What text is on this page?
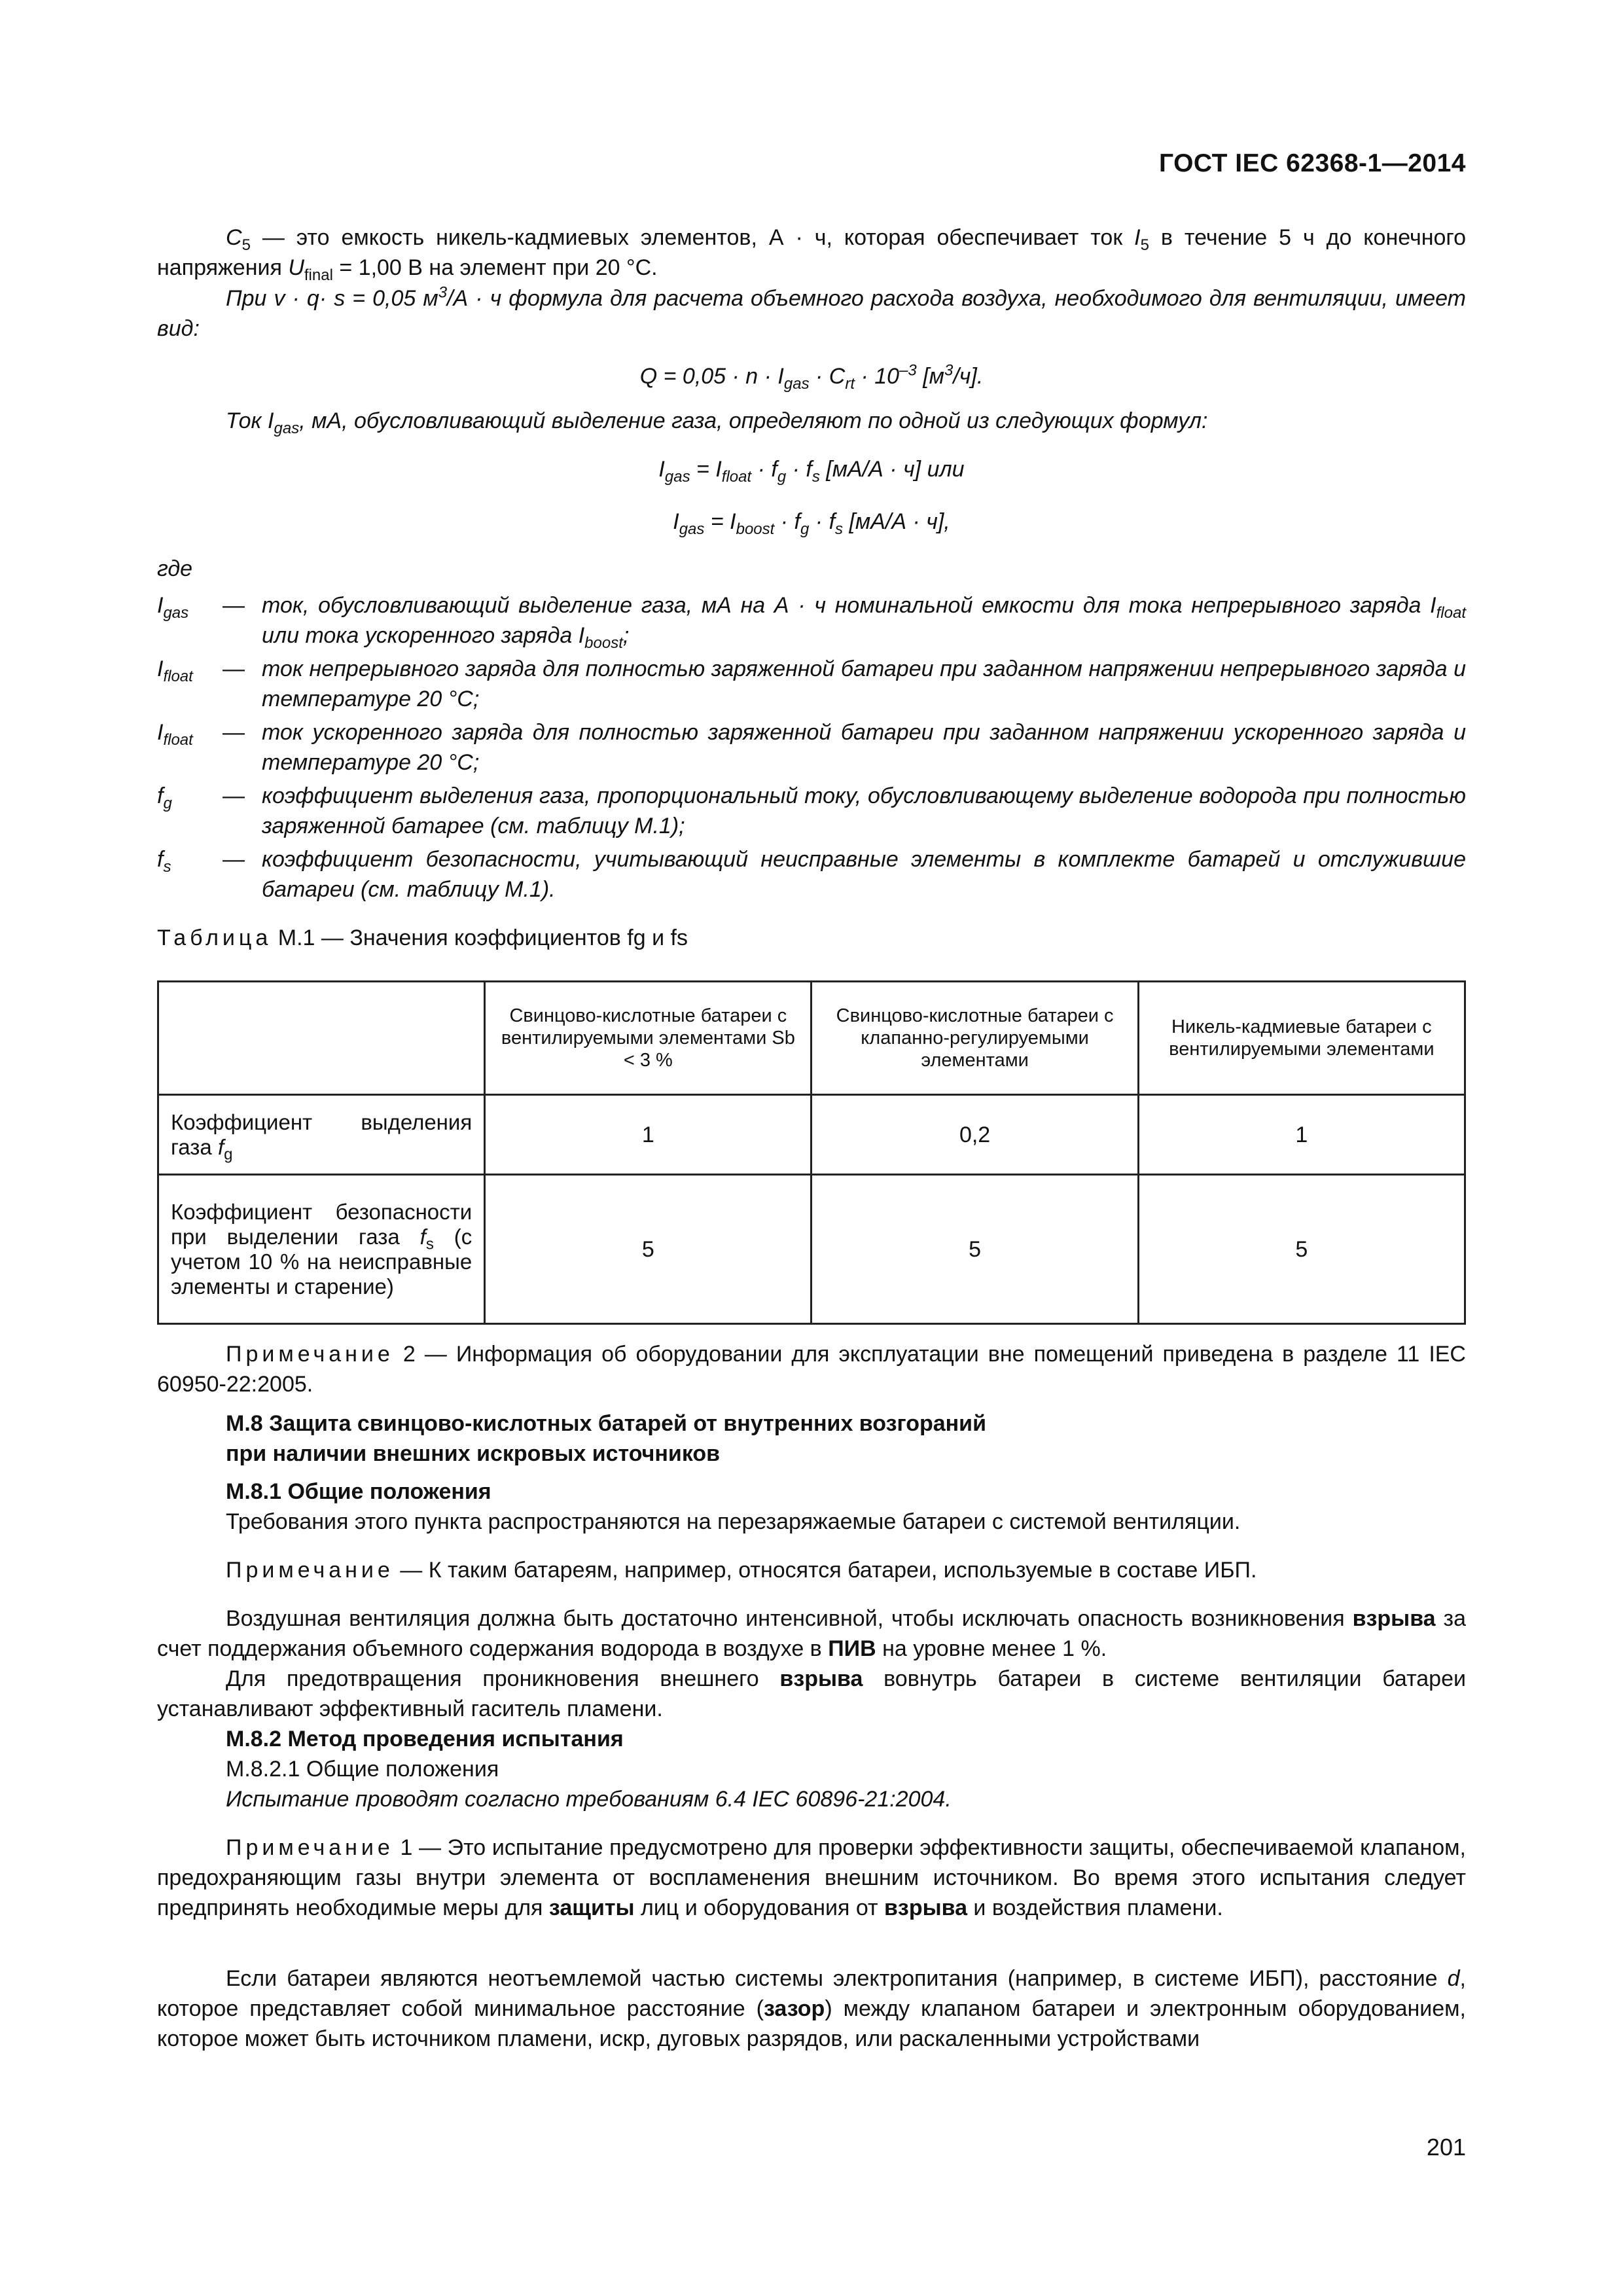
ГОСТ IEC 62368-1—2014
$C_5$ — это емкость никель-кадмиевых элементов, А · ч, которая обеспечивает ток $I_5$ в течение 5 ч до конечного напряжения $U_{final} = 1,00$ В на элемент при 20 °C.
При v · q· s = 0,05 $м^3/А \cdot ч$ формула для расчета объемного расхода воздуха, необходимого для вентиляции, имеет вид:
$Q = 0,05 \cdot n \cdot I_{gas} \cdot C_{rt} \cdot 10^{-3}$ $[м^3/ч]$.
Ток $I_{gas}$, мА, обусловливающий выделение газа, определяют по одной из следующих формул:
$I_{gas} = I_{float} \cdot f_g \cdot f_s$ [мА/А · ч] или
$I_{gas} = I_{boost} \cdot f_g \cdot f_s$ [мА/А · ч],
где
$I_{gas}$	— ток, обусловливающий выделение газа, мА на А · ч номинальной емкости для тока непрерывного заряда $I_{float}$ или тока ускоренного заряда $I_{boost}$;
$I_{float}$	— ток непрерывного заряда для полностью заряженной батареи при заданном напряжении непрерывного заряда и температуре 20 °C;
$I_{float}$	— ток ускоренного заряда для полностью заряженной батареи при заданном напряжении ускоренного заряда и температуре 20 °C;
$f_g$	— коэффициент выделения газа, пропорциональный току, обусловливающему выделение водорода при полностью заряженной батарее (см. таблицу М.1);
$f_s$	— коэффициент безопасности, учитывающий неисправные элементы в комплекте батарей и отслужившие батареи (см. таблицу М.1).
Таблица М.1 — Значения коэффициентов fg и fs
	Свинцово-кислотные батареи с вентилируемыми элементами Sb < 3 %	Свинцово-кислотные батареи с клапанно-регулируемыми элементами	Никель-кадмиевые батареи с вентилируемыми элементами
Коэффициент выделения газа $f_g$	1	0,2	1
Коэффициент безопасности при выделении газа $f_s$ (с учетом 10 % на неисправные элементы и старение)	5	5	5
Примечание 2 — Информация об оборудовании для эксплуатации вне помещений приведена в разделе 11 IEC 60950-22:2005.
М.8 Защита свинцово-кислотных батарей от внутренних возгораний
при наличии внешних искровых источников
М.8.1 Общие положения
Требования этого пункта распространяются на перезаряжаемые батареи с системой вентиляции.
Примечание — К таким батареям, например, относятся батареи, используемые в составе ИБП.
Воздушная вентиляция должна быть достаточно интенсивной, чтобы исключать опасность возникновения взрыва за счет поддержания объемного содержания водорода в воздухе в ПИВ на уровне менее 1 %.
Для предотвращения проникновения внешнего взрыва вовнутрь батареи в системе вентиляции батареи устанавливают эффективный гаситель пламени.
М.8.2 Метод проведения испытания
М.8.2.1 Общие положения
Испытание проводят согласно требованиям 6.4 IEC 60896-21:2004.
Примечание 1 — Это испытание предусмотрено для проверки эффективности защиты, обеспечиваемой клапаном, предохраняющим газы внутри элемента от воспламенения внешним источником. Во время этого испытания следует предпринять необходимые меры для защиты лиц и оборудования от взрыва и воздействия пламени.
Если батареи являются неотъемлемой частью системы электропитания (например, в системе ИБП), расстояние d, которое представляет собой минимальное расстояние (зазор) между клапаном батареи и электронным оборудованием, которое может быть источником пламени, искр, дуговых разрядов, или раскаленными устройствами
201
